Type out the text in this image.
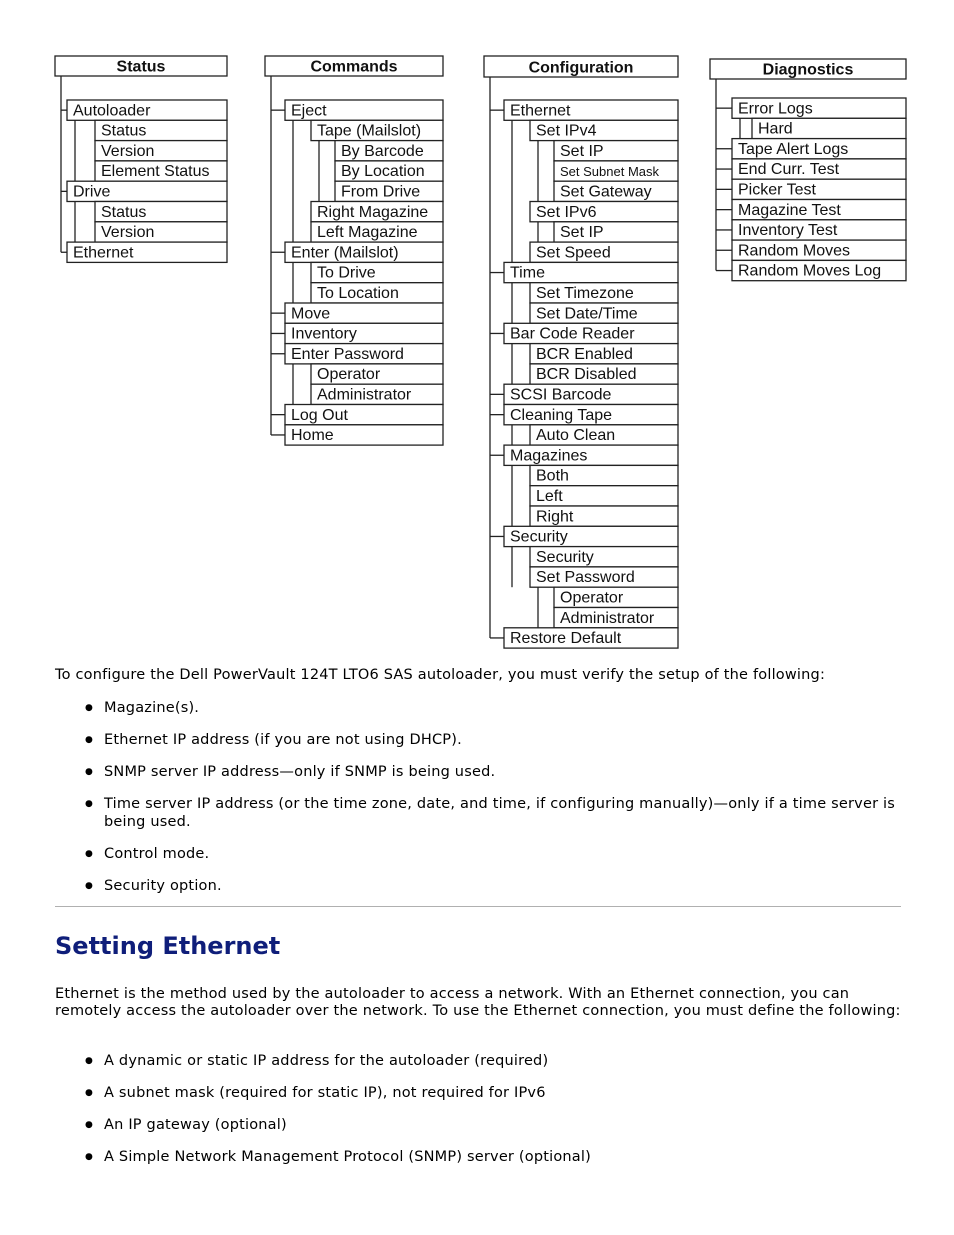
Status
Autoloader
Status
Version
Element Status
Drive
Status
Version
Ethernet
Commands
Eject
Tape (Mailslot)
By Barcode
By Location
From Drive
Right Magazine
Left Magazine
Enter (Mailslot)
To Drive
To Location
Move
Inventory
Enter Password
Operator
Administrator
Log Out
Home
Configuration
Ethernet
Set IPv4
Set IP
Set Subnet Mask
Set Gateway
Set IPv6
Set IP
Set Speed
Time
Set Timezone
Set Date/Time
Bar Code Reader
BCR Enabled
BCR Disabled
SCSI Barcode
Cleaning Tape
Auto Clean
Magazines
Both
Left
Right
Security
Security
Set Password
Operator
Administrator
Restore Default
Diagnostics
Error Logs
Hard
Tape Alert Logs
End Curr. Test
Picker Test
Magazine Test
Inventory Test
Random Moves
Random Moves Log

To configure the Dell PowerVault 124T LTO6 SAS autoloader, you must verify the setup of the following:

● Magazine(s).
● Ethernet IP address (if you are not using DHCP).
● SNMP server IP address—only if SNMP is being used.
● Time server IP address (or the time zone, date, and time, if configuring manually)—only if a time server is being used.
● Control mode.
● Security option.
Setting Ethernet

Ethernet is the method used by the autoloader to access a network. With an Ethernet connection, you can remotely access the autoloader over the network. To use the Ethernet connection, you must define the following:

● A dynamic or static IP address for the autoloader (required)
● A subnet mask (required for static IP), not required for IPv6
● An IP gateway (optional)
● A Simple Network Management Protocol (SNMP) server (optional)
